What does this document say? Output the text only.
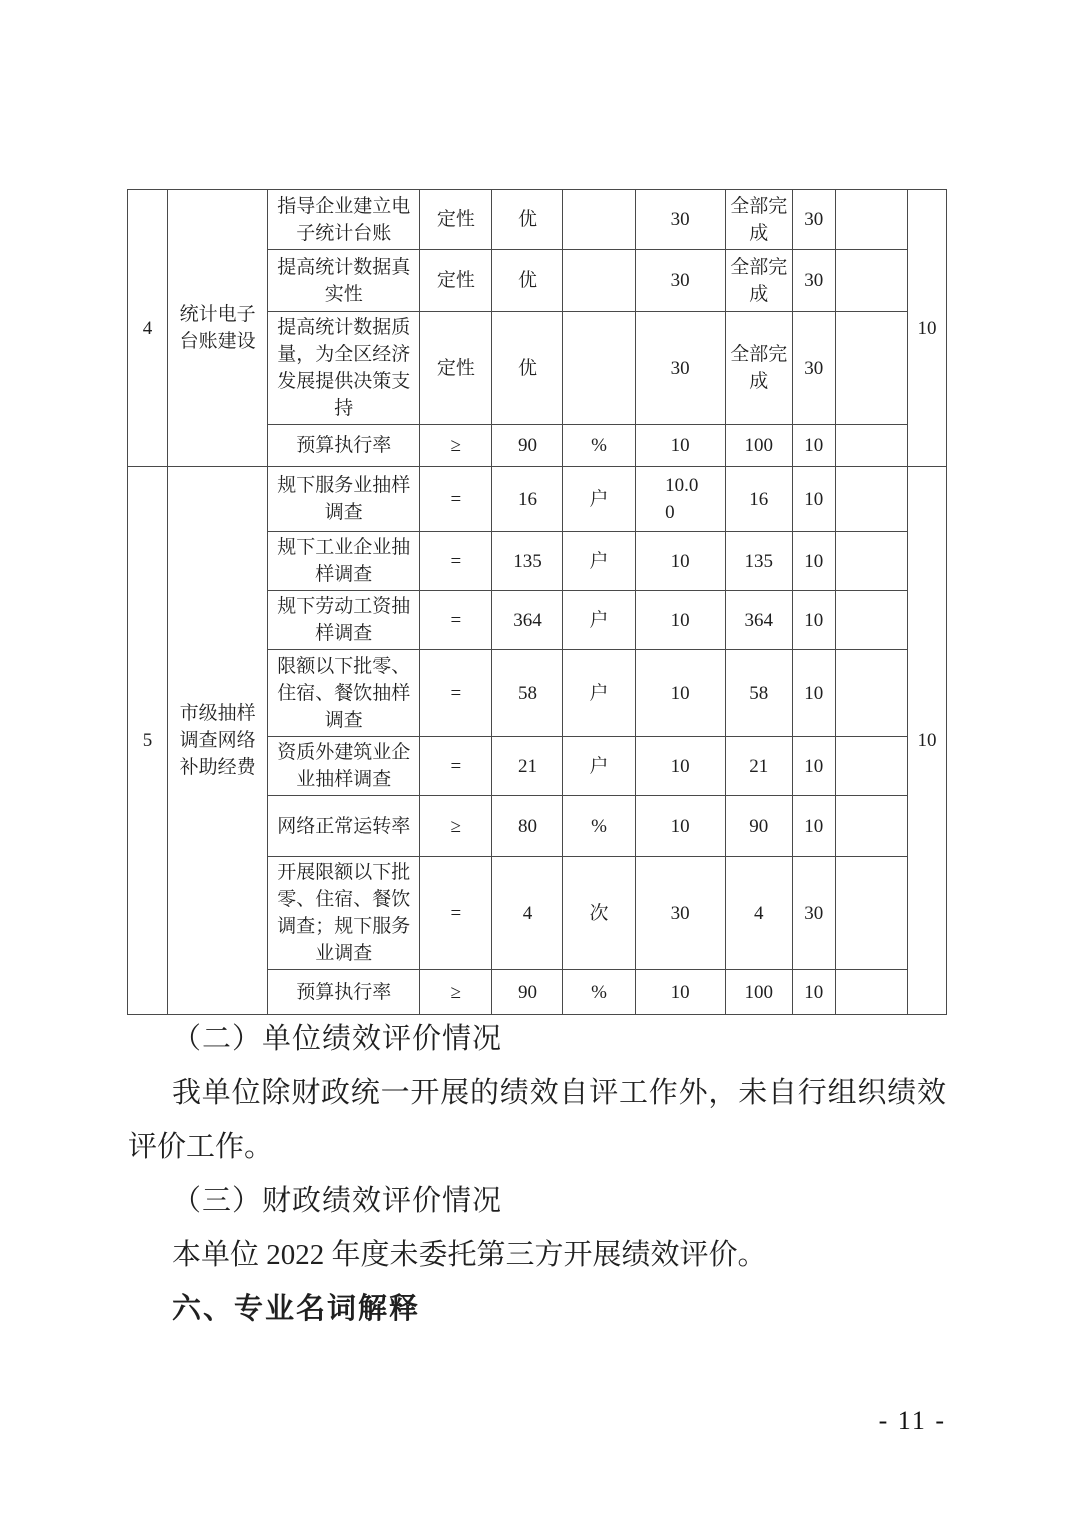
4	统计电子台账建设	指导企业建立电子统计台账	定性	优		30	全部完成	30		10
		提高统计数据真实性	定性	优		30	全部完成	30		
		提高统计数据质量，为全区经济发展提供决策支持	定性	优		30	全部完成	30		
		预算执行率	≥	90	%	10	100	10		
5	市级抽样调查网络补助经费	规下服务业抽样调查	=	16	户	10.00	16	10		10
		规下工业企业抽样调查	=	135	户	10	135	10		
		规下劳动工资抽样调查	=	364	户	10	364	10		
		限额以下批零、住宿、餐饮抽样调查	=	58	户	10	58	10		
		资质外建筑业企业抽样调查	=	21	户	10	21	10		
		网络正常运转率	≥	80	%	10	90	10		
		开展限额以下批零、住宿、餐饮调查；规下服务业调查	=	4	次	30	4	30		
		预算执行率	≥	90	%	10	100	10		
（二）单位绩效评价情况

我单位除财政统一开展的绩效自评工作外，未自行组织绩效评价工作。

（三）财政绩效评价情况

本单位 2022 年度未委托第三方开展绩效评价。

六、专业名词解释
- 11 -
